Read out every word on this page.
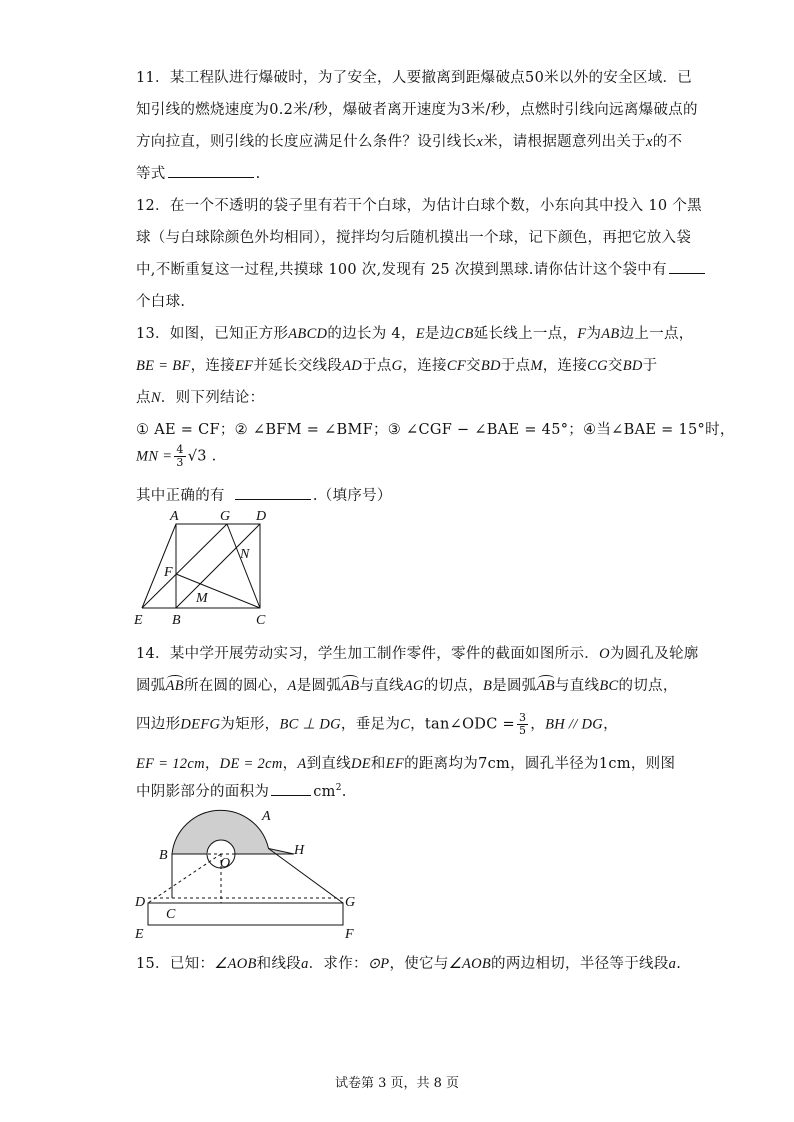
11．某工程队进行爆破时，为了安全，人要撤离到距爆破点50米以外的安全区域．已
知引线的燃烧速度为0.2米/秒，爆破者离开速度为3米/秒，点燃时引线向远离爆破点的
方向拉直，则引线的长度应满足什么条件？设引线长x米，请根据题意列出关于x的不
等式	.
12．在一个不透明的袋子里有若干个白球，为估计白球个数，小东向其中投入 10 个黑
球（与白球除颜色外均相同），搅拌均匀后随机摸出一个球，记下颜色，再把它放入袋
中,不断重复这一过程,共摸球 100 次,发现有 25 次摸到黑球.请你估计这个袋中有
个白球.
13．如图，已知正方形ABCD的边长为 4，E是边CB延长线上一点，F为AB边上一点，
BE = BF，连接EF并延长交线段AD于点G，连接CF交BD于点M，连接CG交BD于
点N．则下列结论：
① AE = CF；② ∠BFM = ∠BMF；③ ∠CGF − ∠BAE = 45°；④当∠BAE = 15°时，
MN = $\frac{4}{3} √3$ .
其中正确的有	.（填序号）
A	G D
N
F
M
E B	C
14．某中学开展劳动实习，学生加工制作零件，零件的截面如图所示．O为圆孔及轮廓
圆弧AB所在圆的圆心，A是圆弧AB与直线AG的切点，B是圆弧AB与直线BC的切点，
四边形DEFG为矩形，BC ⊥ DG，垂足为C，tan∠ODC = $\frac{3}{5}$ ，BH // DG，
EF = 12cm，DE = 2cm，A到直线DE和EF的距离均为7cm，圆孔半径为1cm，则图
中阴影部分的面积为	$cm^2$.
A
B	H
O
D
C
G
E	F
15．已知：∠AOB和线段a．求作：⊙P，使它与∠AOB的两边相切，半径等于线段a.
试卷第 3 页，共 8 页
